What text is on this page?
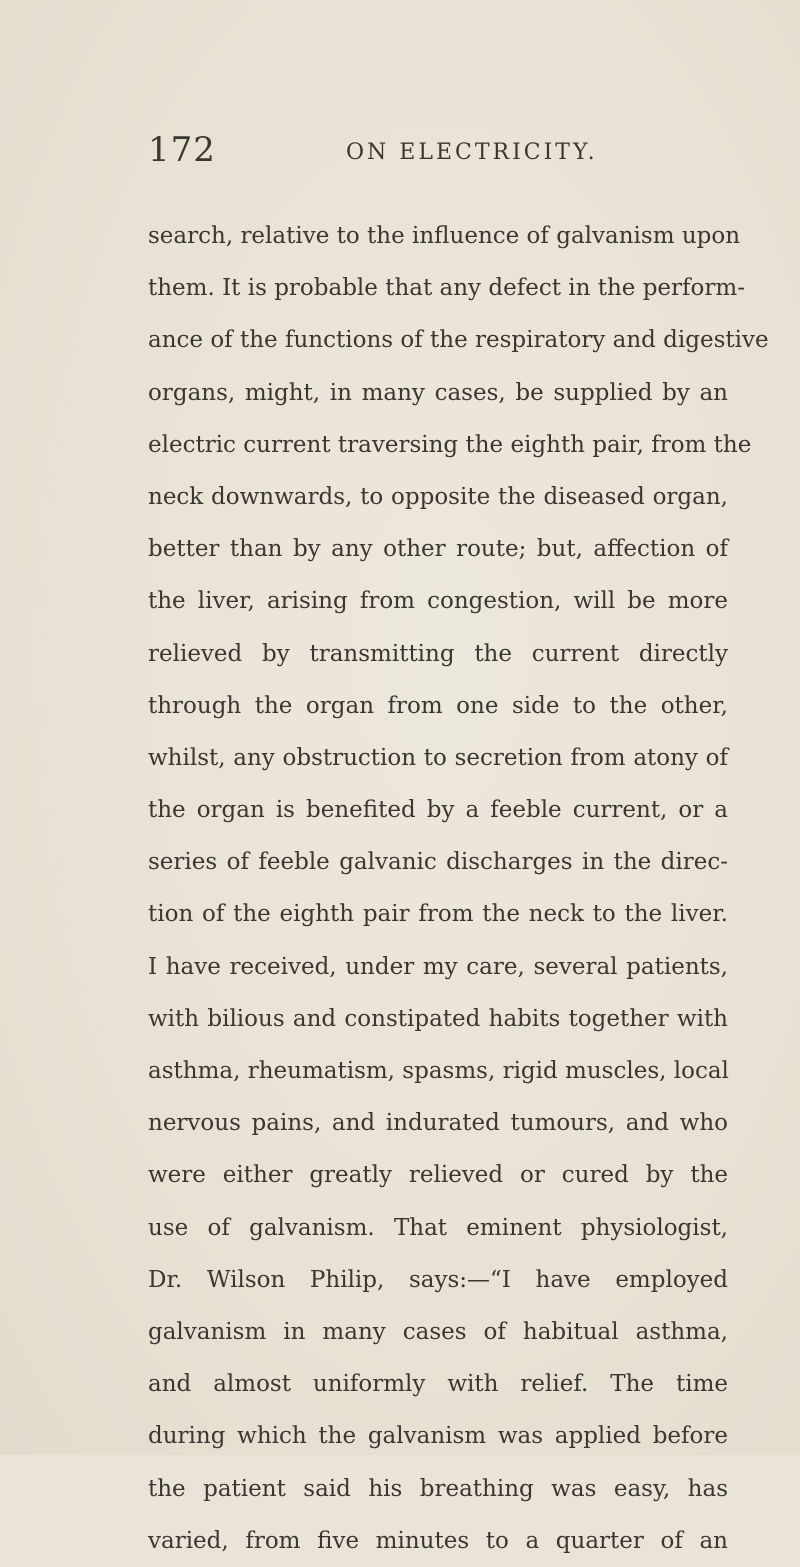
172	ON ELECTRICITY.
search, relative to the influence of galvanism upon
them. It is probable that any defect in the perform-
ance of the functions of the respiratory and digestive
organs, might, in many cases, be supplied by an
electric current traversing the eighth pair, from the
neck downwards, to opposite the diseased organ,
better than by any other route; but, affection of
the liver, arising from congestion, will be more
relieved by transmitting the current directly
through the organ from one side to the other,
whilst, any obstruction to secretion from atony of
the organ is benefited by a feeble current, or a
series of feeble galvanic discharges in the direc-
tion of the eighth pair from the neck to the liver.
I have received, under my care, several patients,
with bilious and constipated habits together with
asthma, rheumatism, spasms, rigid muscles, local
nervous pains, and indurated tumours, and who
were either greatly relieved or cured by the
use of galvanism. That eminent physiologist,
Dr. Wilson Philip, says:—“I have employed
galvanism in many cases of habitual asthma,
and almost uniformly with relief. The time
during which the galvanism was applied before
the patient said his breathing was easy, has
varied, from five minutes to a quarter of an
